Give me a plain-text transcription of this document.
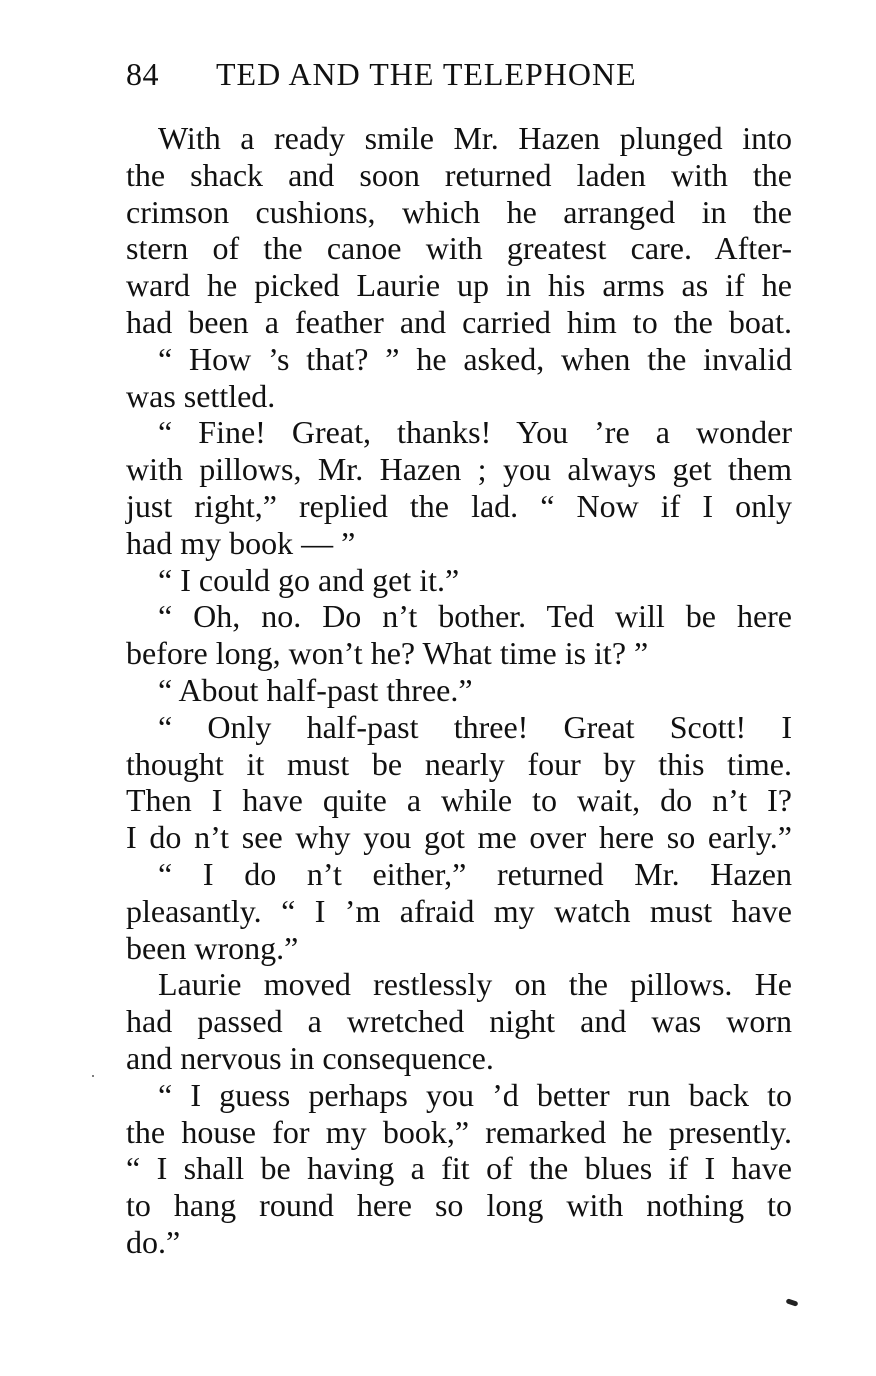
84 TED AND THE TELEPHONE
With a ready smile Mr. Hazen plunged into
the shack and soon returned laden with the
crimson cushions, which he arranged in the
stern of the canoe with greatest care. After-
ward he picked Laurie up in his arms as if he
had been a feather and carried him to the boat.
“ How ’s that? ” he asked, when the invalid
was settled.
“ Fine! Great, thanks! You ’re a wonder
with pillows, Mr. Hazen ; you always get them
just right,” replied the lad. “ Now if I only
had my book — ”
“ I could go and get it.”
“ Oh, no. Do n’t bother. Ted will be here
before long, won’t he? What time is it? ”
“ About half-past three.”
“ Only half-past three! Great Scott! I
thought it must be nearly four by this time.
Then I have quite a while to wait, do n’t I?
I do n’t see why you got me over here so early.”
“ I do n’t either,” returned Mr. Hazen
pleasantly. “ I ’m afraid my watch must have
been wrong.”
Laurie moved restlessly on the pillows. He
had passed a wretched night and was worn
and nervous in consequence.
“ I guess perhaps you ’d better run back to
the house for my book,” remarked he presently.
“ I shall be having a fit of the blues if I have
to hang round here so long with nothing to
do.”
